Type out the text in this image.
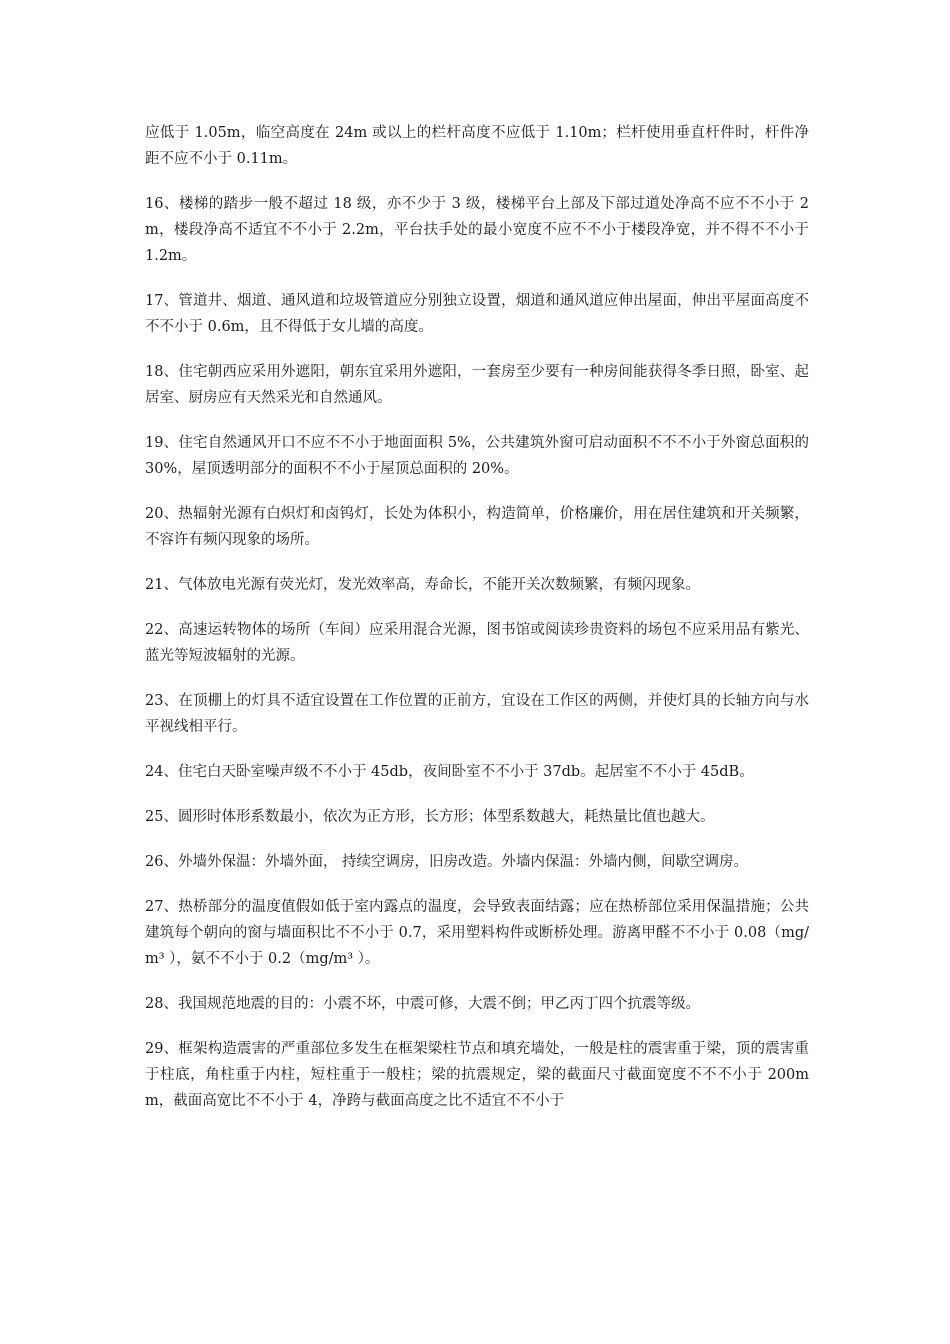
应低于 1.05m，临空高度在 24m 或以上的栏杆高度不应低于 1.10m；栏杆使用垂直杆件时，杆件净距不应不小于 0.11m。

16、楼梯的踏步一般不超过 18 级，亦不少于 3 级，楼梯平台上部及下部过道处净高不应不不小于 2m，楼段净高不适宜不不小于 2.2m，平台扶手处的最小宽度不应不不小于楼段净宽，并不得不不小于 1.2m。

17、管道井、烟道、通风道和垃圾管道应分别独立设置，烟道和通风道应伸出屋面，伸出平屋面高度不不不小于 0.6m，且不得低于女儿墙的高度。

18、住宅朝西应采用外遮阳，朝东宜采用外遮阳，一套房至少要有一种房间能获得冬季日照，卧室、起居室、厨房应有天然采光和自然通风。

19、住宅自然通风开口不应不不小于地面面积 5%，公共建筑外窗可启动面积不不不小于外窗总面积的 30%，屋顶透明部分的面积不不小于屋顶总面积的 20%。

20、热辐射光源有白炽灯和卤钨灯，长处为体积小，构造简单，价格廉价，用在居住建筑和开关频繁，不容许有频闪现象的场所。

21、气体放电光源有荧光灯，发光效率高，寿命长，不能开关次数频繁，有频闪现象。

22、高速运转物体的场所（车间）应采用混合光源，图书馆或阅读珍贵资料的场包不应采用品有紫光、蓝光等短波辐射的光源。

23、在顶棚上的灯具不适宜设置在工作位置的正前方，宜设在工作区的两侧，并使灯具的长轴方向与水平视线相平行。

24、住宅白天卧室噪声级不不小于 45db，夜间卧室不不小于 37db。起居室不不小于 45dB。

25、圆形时体形系数最小，依次为正方形，长方形；体型系数越大，耗热量比值也越大。

26、外墙外保温：外墙外面， 持续空调房，旧房改造。外墙内保温：外墙内侧，间歇空调房。

27、热桥部分的温度值假如低于室内露点的温度，会导致表面结露；应在热桥部位采用保温措施；公共建筑每个朝向的窗与墙面积比不不小于 0.7，采用塑料构件或断桥处理。游离甲醛不不小于 0.08（mg/m³ ），氨不不小于 0.2（mg/m³ ）。

28、我国规范地震的目的：小震不坏，中震可修，大震不倒；甲乙丙丁四个抗震等级。

29、框架构造震害的严重部位多发生在框架梁柱节点和填充墙处，一般是柱的震害重于梁，顶的震害重于柱底，角柱重于内柱，短柱重于一般柱；梁的抗震规定，梁的截面尺寸截面宽度不不不小于 200mm，截面高宽比不不小于 4，净跨与截面高度之比不适宜不不小于
